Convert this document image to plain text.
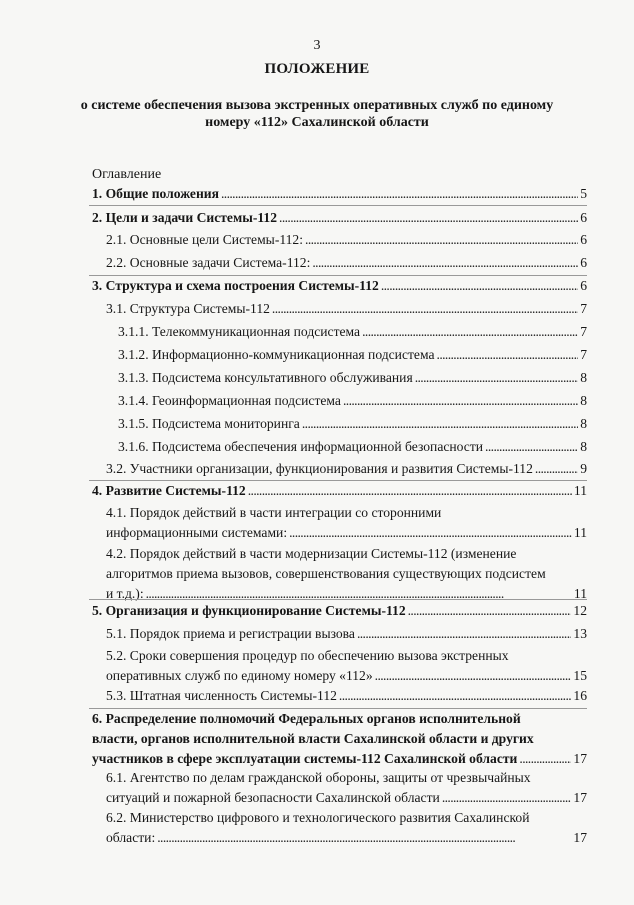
3
ПОЛОЖЕНИЕ
о системе обеспечения вызова экстренных оперативных служб по единому номеру «112» Сахалинской области
Оглавление
1. Общие положения . . .	5
2. Цели и задачи Системы-112 . . .	6
2.1. Основные цели Системы-112: . . .	6
2.2. Основные задачи Система-112: . . .	6
3. Структура и схема построения Системы-112 . . .	6
3.1. Структура Системы-112 . . .	7
3.1.1. Телекоммуникационная подсистема . . .	7
3.1.2. Информационно-коммуникационная подсистема . . .	7
3.1.3. Подсистема консультативного обслуживания . . .	8
3.1.4. Геоинформационная подсистема . . .	8
3.1.5. Подсистема мониторинга . . .	8
3.1.6. Подсистема обеспечения информационной безопасности . . .	8
3.2. Участники организации, функционирования и развития Системы-112 . . .	9
4. Развитие Системы-112 . . .	11
4.1. Порядок действий в части интеграции со сторонними
информационными системами: . . .	11
4.2. Порядок действий в части модернизации Системы-112 (изменение
алгоритмов приема вызовов, совершенствования существующих подсистем
и т.д.): . . .	11
5. Организация и функционирование Системы-112 . . .	12
5.1. Порядок приема и регистрации вызова . . .	13
5.2. Сроки совершения процедур по обеспечению вызова экстренных
оперативных служб по единому номеру «112» . . .	15
5.3. Штатная численность Системы-112 . . .	16
6. Распределение полномочий Федеральных органов исполнительной
власти, органов исполнительной власти Сахалинской области и других
участников в сфере эксплуатации системы-112 Сахалинской области . . .	17
6.1. Агентство по делам гражданской обороны, защиты от чрезвычайных
ситуаций и пожарной безопасности Сахалинской области . . .	17
6.2. Министерство цифрового и технологического развития Сахалинской
области: . . .	17
